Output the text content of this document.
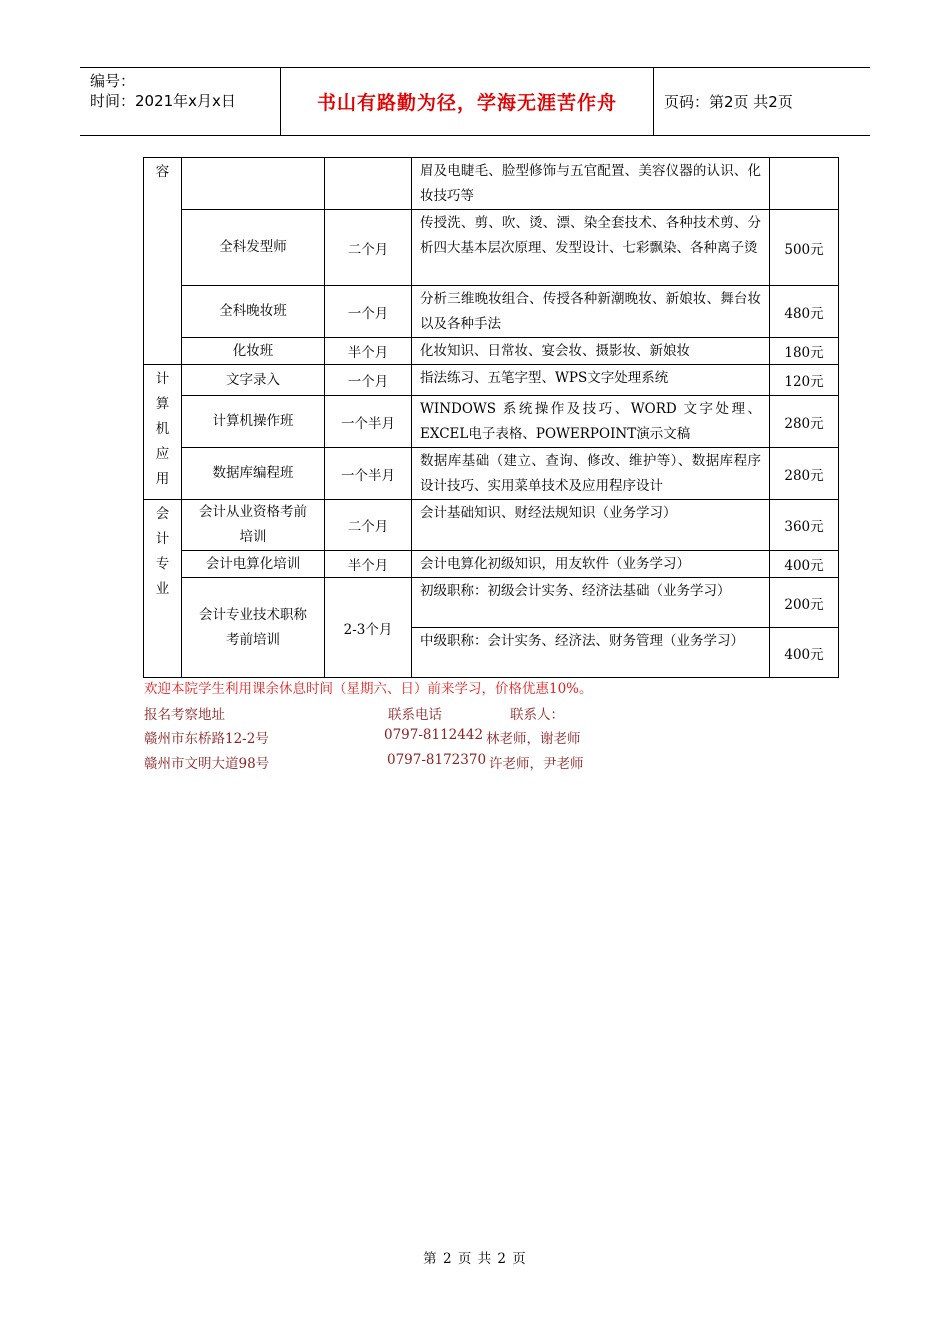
编号：
时间：2021年x月x日	书山有路勤为径，学海无涯苦作舟	页码：第2页 共2页
容			眉及电睫毛、脸型修饰与五官配置、美容仪器的认识、化妆技巧等	
	全科发型师	二个月	传授洗、剪、吹、烫、漂、染全套技术、各种技术剪、分析四大基本层次原理、发型设计、七彩飘染、各种离子烫	500元
	全科晚妆班	一个月	分析三维晚妆组合、传授各种新潮晚妆、新娘妆、舞台妆以及各种手法	480元
	化妆班	半个月	化妆知识、日常妆、宴会妆、摄影妆、新娘妆	180元

计
算
机
应
用	文字录入	一个月	指法练习、五笔字型、WPS文字处理系统	120元
	计算机操作班	一个半月	WINDOWS 系统操作及技巧、WORD 文字处理、EXCEL电子表格、POWERPOINT演示文稿	280元
	数据库编程班	一个半月	数据库基础（建立、查询、修改、维护等）、数据库程序设计技巧、实用菜单技术及应用程序设计	280元

会
计
专
业	会计从业资格考前培训	二个月	会计基础知识、财经法规知识（业务学习）	360元
	会计电算化培训	半个月	会计电算化初级知识，用友软件（业务学习）	400元
	会计专业技术职称考前培训	2-3个月	初级职称：初级会计实务、经济法基础（业务学习）	200元
			中级职称：会计实务、经济法、财务管理（业务学习）	400元
欢迎本院学生利用课余休息时间（星期六、日）前来学习，价格优惠10%。
报名考察地址	联系电话	联系人：
赣州市东桥路12-2号	0797-8112442 林老师，谢老师
赣州市文明大道98号	0797-8172370 许老师，尹老师
第 2 页 共 2 页
